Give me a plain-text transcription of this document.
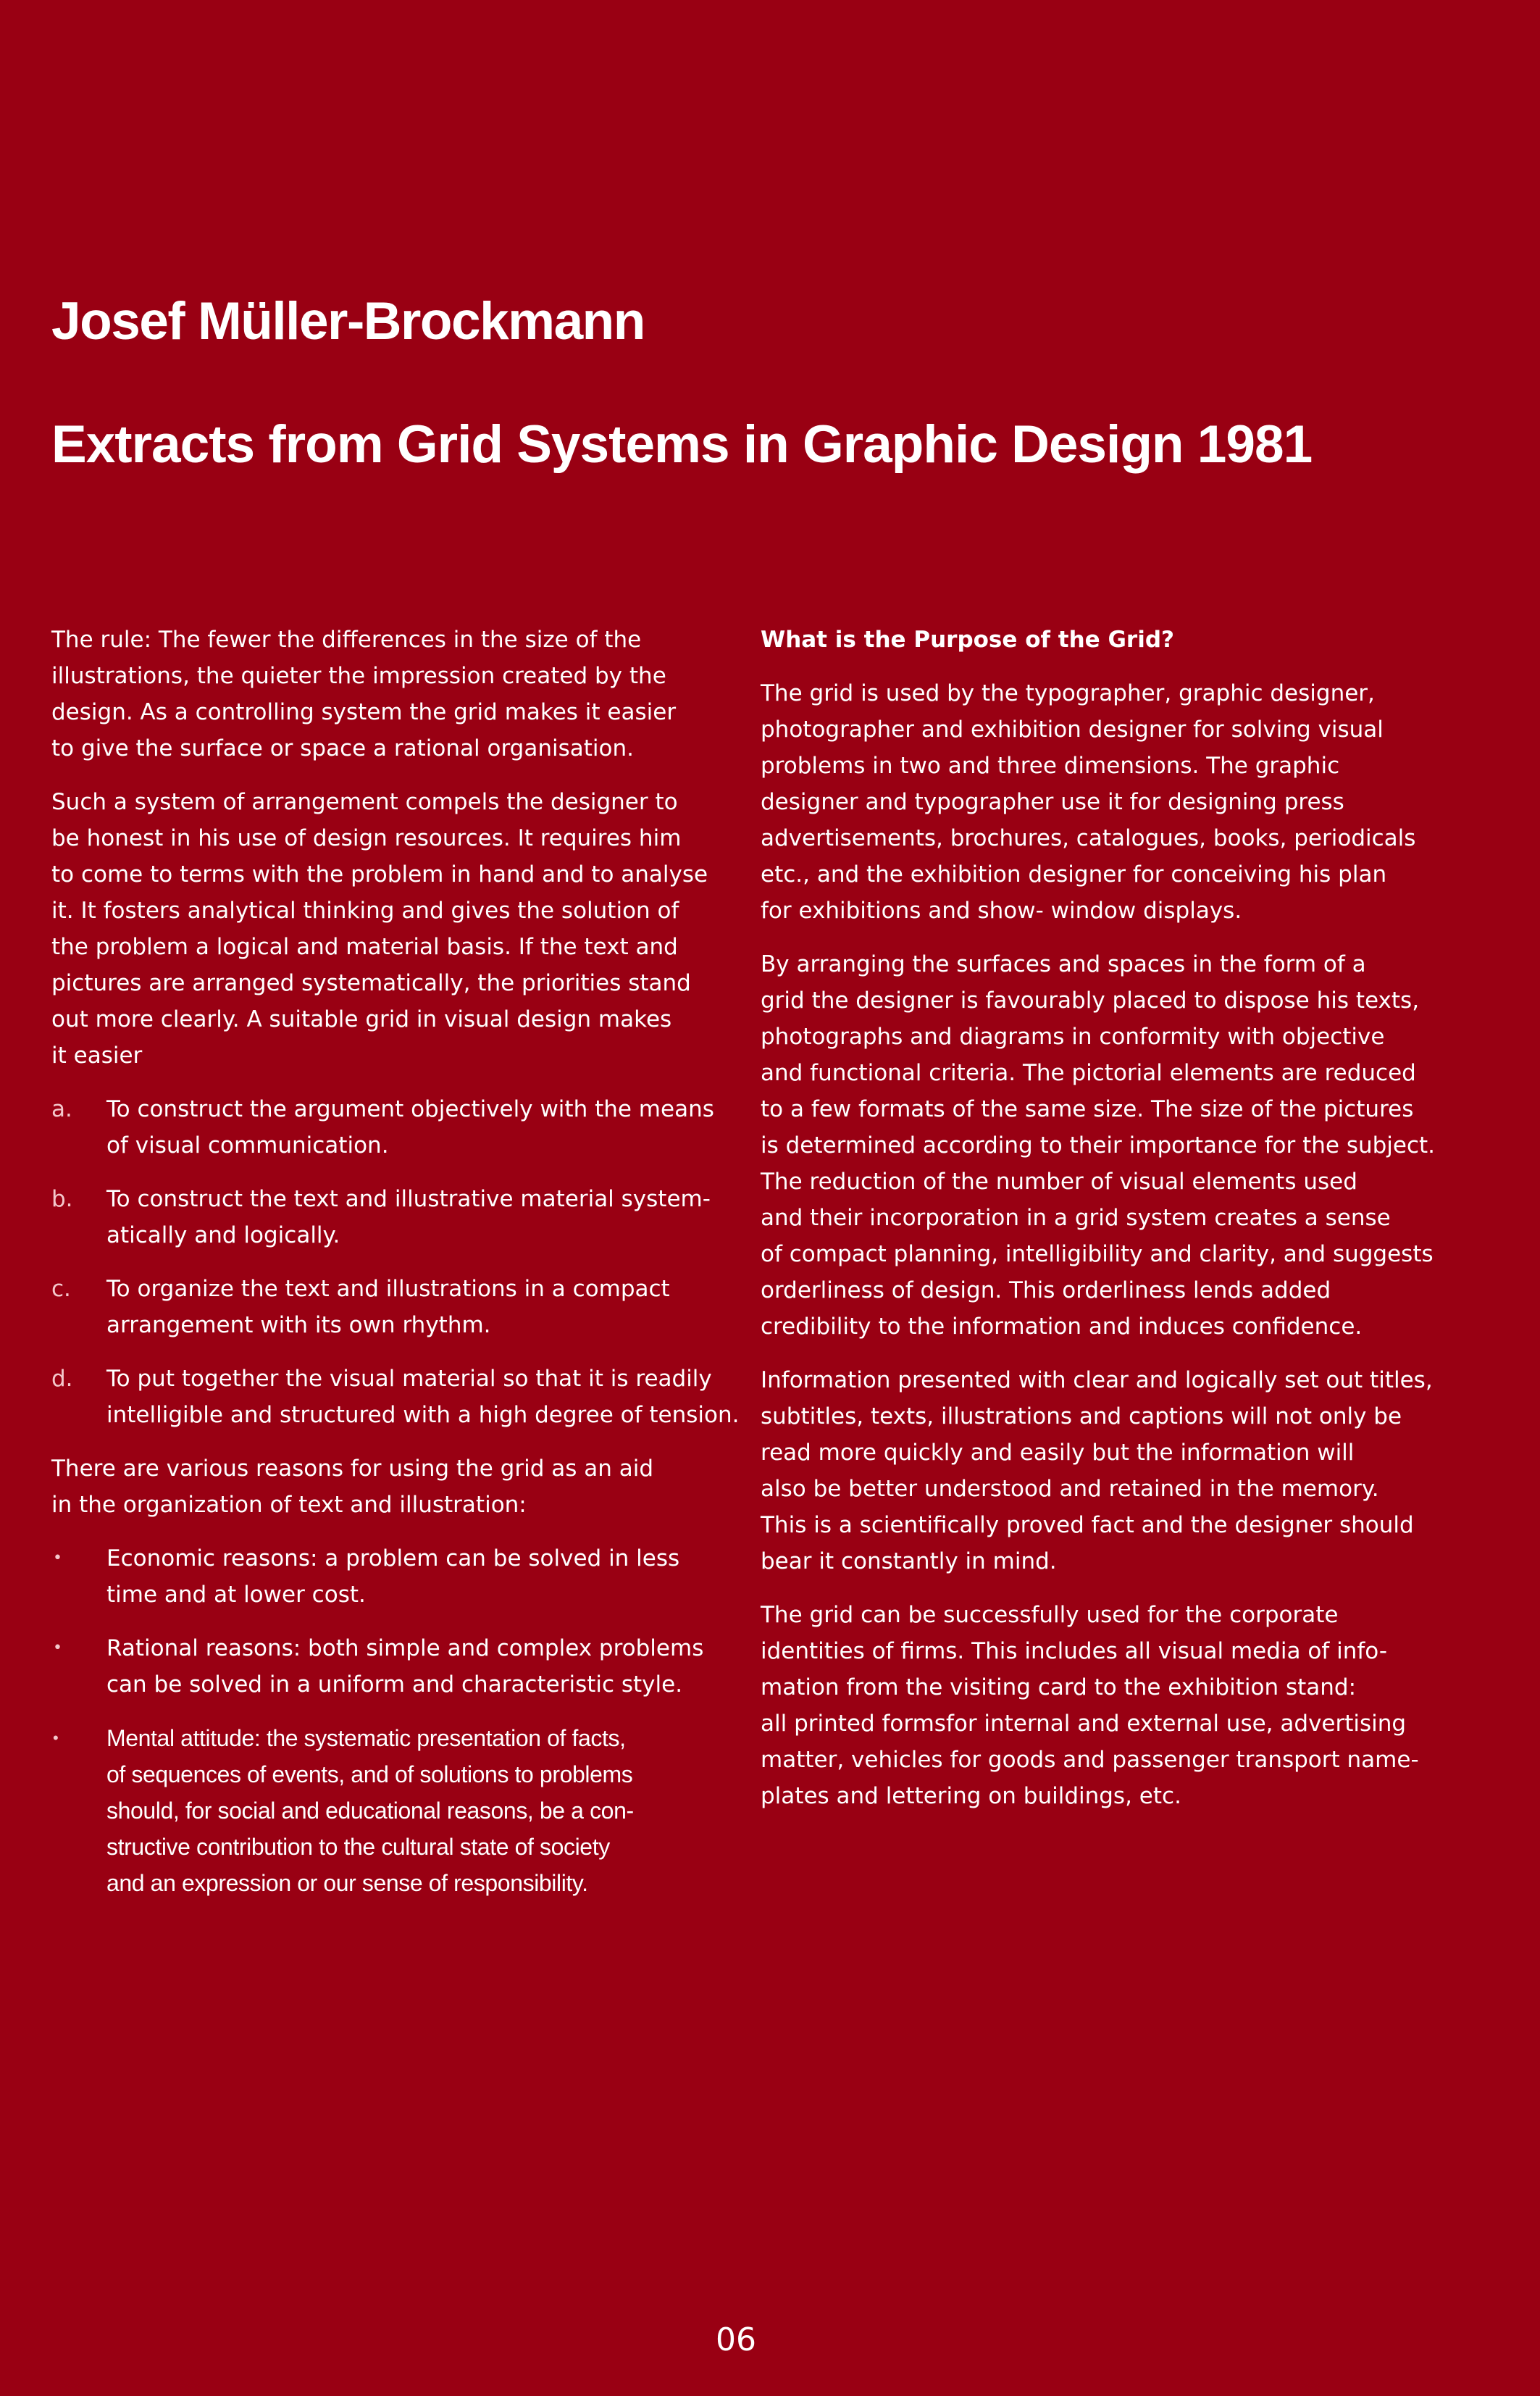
Josef Müller-Brockmann
Extracts from Grid Systems in Graphic Design 1981

The rule: The fewer the differences in the size of the
illustrations, the quieter the impression created by the
design. As a controlling system the grid makes it easier
to give the surface or space a rational organisation.

Such a system of arrangement compels the designer to
be honest in his use of design resources. It requires him
to come to terms with the problem in hand and to analyse
it. It fosters analytical thinking and gives the solution of
the problem a logical and material basis. If the text and
pictures are arranged systematically, the priorities stand
out more clearly. A suitable grid in visual design makes
it easier

a. To construct the argument objectively with the means
of visual communication.
b. To construct the text and illustrative material system-
atically and logically.
c. To organize the text and illustrations in a compact
arrangement with its own rhythm.
d. To put together the visual material so that it is readily
intelligible and structured with a high degree of tension.

There are various reasons for using the grid as an aid
in the organization of text and illustration:

• Economic reasons: a problem can be solved in less
time and at lower cost.
• Rational reasons: both simple and complex problems
can be solved in a uniform and characteristic style.
• Mental attitude: the systematic presentation of facts,
of sequences of events, and of solutions to problems
should, for social and educational reasons, be a con-
structive contribution to the cultural state of society
and an expression or our sense of responsibility.

What is the Purpose of the Grid?

The grid is used by the typographer, graphic designer,
photographer and exhibition designer for solving visual
problems in two and three dimensions. The graphic
designer and typographer use it for designing press
advertisements, brochures, catalogues, books, periodicals
etc., and the exhibition designer for conceiving his plan
for exhibitions and show- window displays.

By arranging the surfaces and spaces in the form of a
grid the designer is favourably placed to dispose his texts,
photographs and diagrams in conformity with objective
and functional criteria. The pictorial elements are reduced
to a few formats of the same size. The size of the pictures
is determined according to their importance for the subject.
The reduction of the number of visual elements used
and their incorporation in a grid system creates a sense
of compact planning, intelligibility and clarity, and suggests
orderliness of design. This orderliness lends added
credibility to the information and induces confidence.

Information presented with clear and logically set out titles,
subtitles, texts, illustrations and captions will not only be
read more quickly and easily but the information will
also be better understood and retained in the memory.
This is a scientifically proved fact and the designer should
bear it constantly in mind.

The grid can be successfully used for the corporate
identities of firms. This includes all visual media of info-
mation from the visiting card to the exhibition stand:
all printed formsfor internal and external use, advertising
matter, vehicles for goods and passenger transport name-
plates and lettering on buildings, etc.

06
